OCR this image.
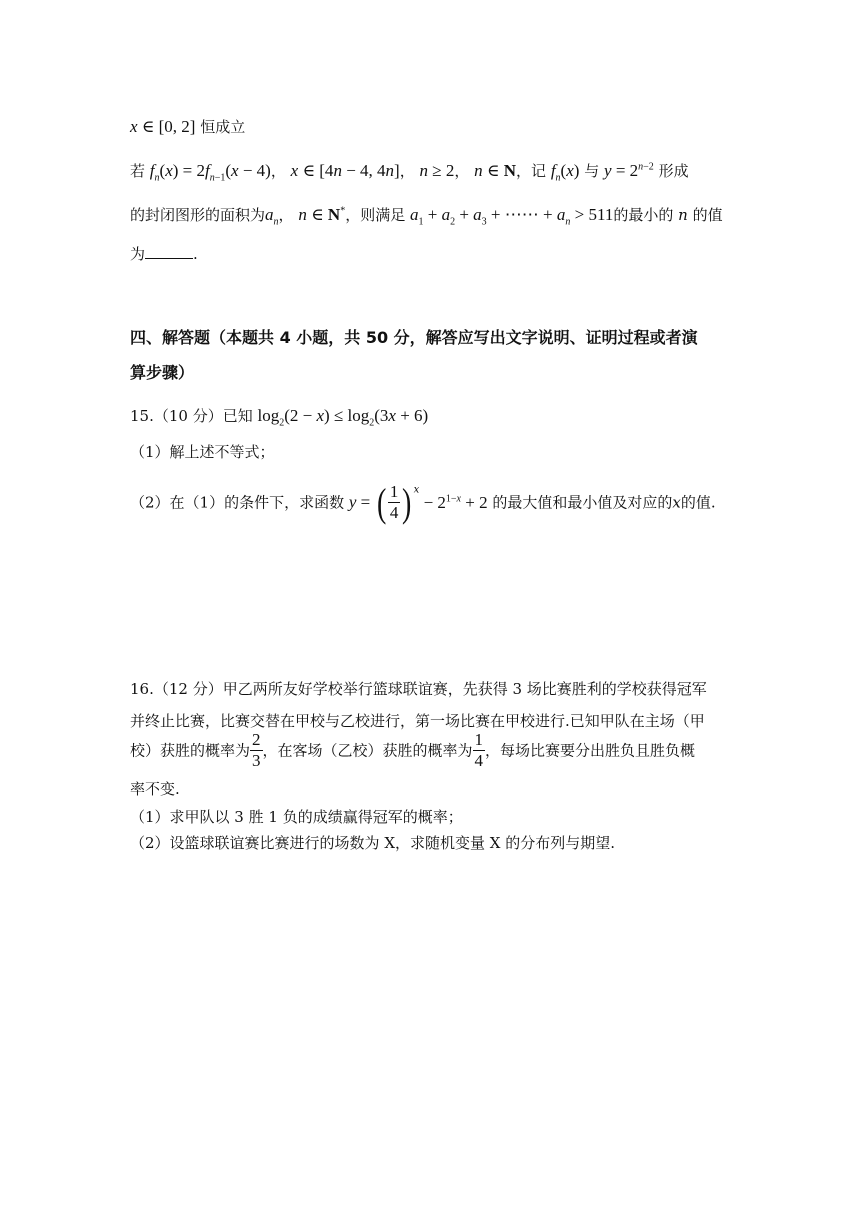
x ∈ [0, 2] 恒成立
若 $f_n(x) = 2f_{n-1}(x - 4)$， x ∈ [4n − 4, 4n]， n ≥ 2， n ∈ N，记 $f_n(x)$ 与 $y = 2^{n-2}$ 形成
的封闭图形的面积为$a_n$， n ∈ N*，则满足 $a_1 + a_2 + a_3$ + ⋯⋯ + $a_n > 511$的最小的 n 的值
为	.
四、解答题（本题共 4 小题，共 50 分，解答应写出文字说明、证明过程或者演
算步骤）
15.（10 分）已知 $\log_2(2 - x) \le \log_2(3x + 6)$
（1）解上述不等式；
（2）在（1）的条件下，求函数 y = ( $\frac{1}{4}$ ) $^x - 2^{1-x} + 2$ 的最大值和最小值及对应的x的值.
16.（12 分）甲乙两所友好学校举行篮球联谊赛，先获得 3 场比赛胜利的学校获得冠军
并终止比赛，比赛交替在甲校与乙校进行，第一场比赛在甲校进行.已知甲队在主场（甲
校）获胜的概率为 $\frac{2}{3}$ ，在客场（乙校）获胜的概率为 $\frac{1}{4}$ ，每场比赛要分出胜负且胜负概
率不变.
（1）求甲队以 3 胜 1 负的成绩赢得冠军的概率；
（2）设篮球联谊赛比赛进行的场数为 X，求随机变量 X 的分布列与期望.
